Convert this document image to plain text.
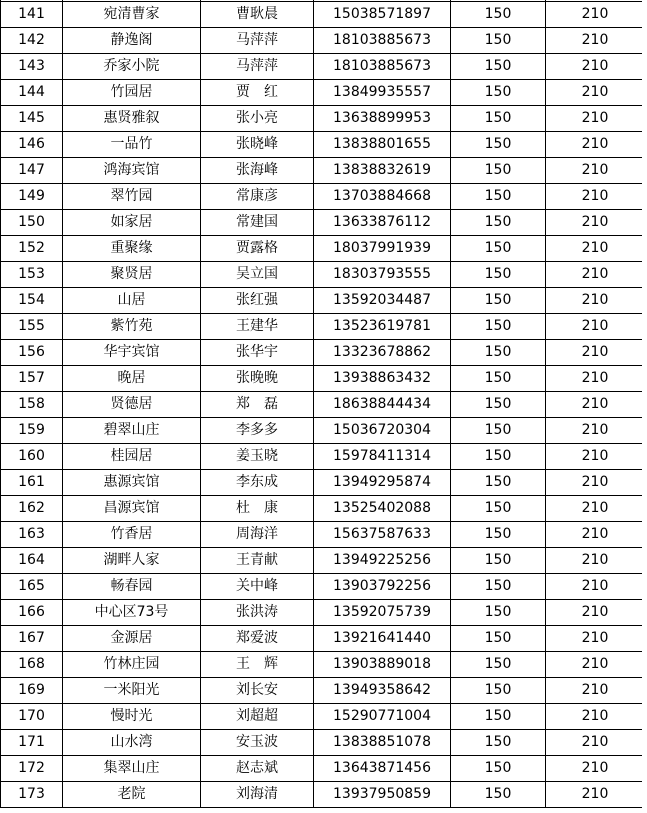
141	宛清曹家	曹耿晨	15038571897	150	210
142	静逸阁	马萍萍	18103885673	150	210
143	乔家小院	马萍萍	18103885673	150	210
144	竹园居	贾　红	13849935557	150	210
145	惠贤雅叙	张小亮	13638899953	150	210
146	一品竹	张晓峰	13838801655	150	210
147	鸿海宾馆	张海峰	13838832619	150	210
149	翠竹园	常康彦	13703884668	150	210
150	如家居	常建国	13633876112	150	210
152	重聚缘	贾露格	18037991939	150	210
153	聚贤居	吴立国	18303793555	150	210
154	山居	张红强	13592034487	150	210
155	紫竹苑	王建华	13523619781	150	210
156	华宇宾馆	张华宇	13323678862	150	210
157	晚居	张晚晚	13938863432	150	210
158	贤德居	郑　磊	18638844434	150	210
159	碧翠山庄	李多多	15036720304	150	210
160	桂园居	姜玉晓	15978411314	150	210
161	惠源宾馆	李东成	13949295874	150	210
162	昌源宾馆	杜　康	13525402088	150	210
163	竹香居	周海洋	15637587633	150	210
164	湖畔人家	王青献	13949225256	150	210
165	畅春园	关中峰	13903792256	150	210
166	中心区73号	张洪涛	13592075739	150	210
167	金源居	郑爱波	13921641440	150	210
168	竹林庄园	王　辉	13903889018	150	210
169	一米阳光	刘长安	13949358642	150	210
170	慢时光	刘超超	15290771004	150	210
171	山水湾	安玉波	13838851078	150	210
172	集翠山庄	赵志斌	13643871456	150	210
173	老院	刘海清	13937950859	150	210
